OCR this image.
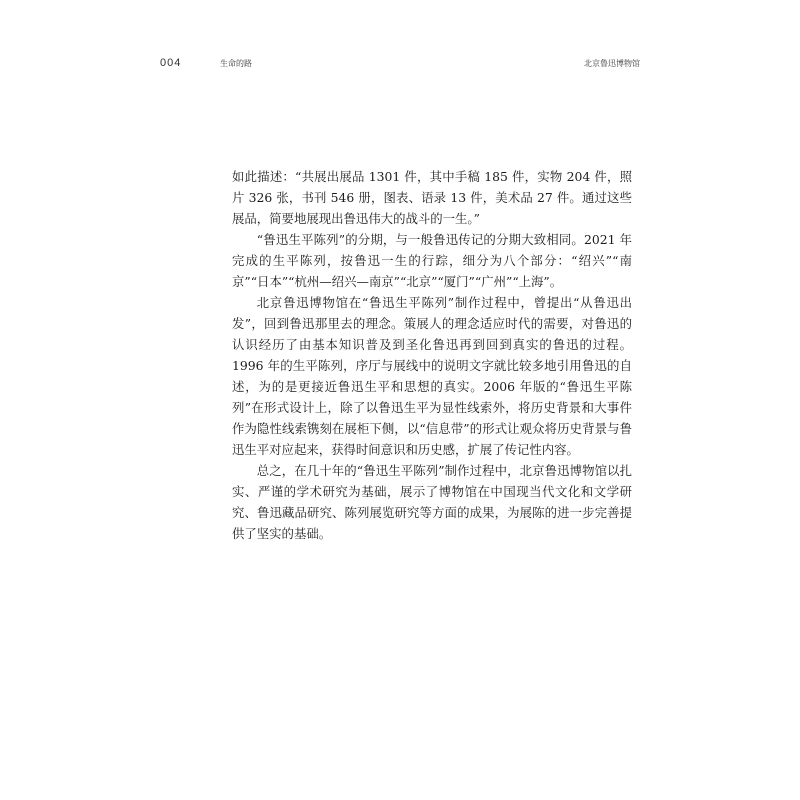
004	生命的路	北京鲁迅博物馆

如此描述：“共展出展品 1301 件，其中手稿 185 件，实物 204 件，照片 326 张，书刊 546 册，图表、语录 13 件，美术品 27 件。通过这些展品，简要地展现出鲁迅伟大的战斗的一生。”

“鲁迅生平陈列”的分期，与一般鲁迅传记的分期大致相同。2021 年完成的生平陈列，按鲁迅一生的行踪，细分为八个部分：“绍兴”“南京”“日本”“杭州—绍兴—南京”“北京”“厦门”“广州”“上海”。

北京鲁迅博物馆在“鲁迅生平陈列”制作过程中，曾提出“从鲁迅出发”，回到鲁迅那里去的理念。策展人的理念适应时代的需要，对鲁迅的认识经历了由基本知识普及到圣化鲁迅再到回到真实的鲁迅的过程。1996 年的生平陈列，序厅与展线中的说明文字就比较多地引用鲁迅的自述，为的是更接近鲁迅生平和思想的真实。2006 年版的“鲁迅生平陈列”在形式设计上，除了以鲁迅生平为显性线索外，将历史背景和大事件作为隐性线索镌刻在展柜下侧，以“信息带”的形式让观众将历史背景与鲁迅生平对应起来，获得时间意识和历史感，扩展了传记性内容。

总之，在几十年的“鲁迅生平陈列”制作过程中，北京鲁迅博物馆以扎实、严谨的学术研究为基础，展示了博物馆在中国现当代文化和文学研究、鲁迅藏品研究、陈列展览研究等方面的成果，为展陈的进一步完善提供了坚实的基础。
